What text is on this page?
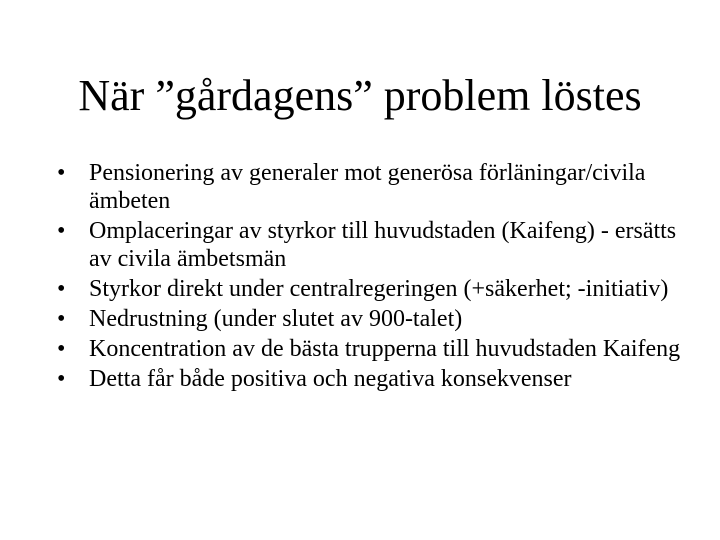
När ”gårdagens” problem löstes
• Pensionering av generaler mot generösa förläningar/civila ämbeten
• Omplaceringar av styrkor till huvudstaden (Kaifeng) - ersätts av civila ämbetsmän
• Styrkor direkt under centralregeringen (+säkerhet; -initiativ)
• Nedrustning (under slutet av 900-talet)
• Koncentration av de bästa trupperna till huvudstaden Kaifeng
• Detta får både positiva och negativa konsekvenser
